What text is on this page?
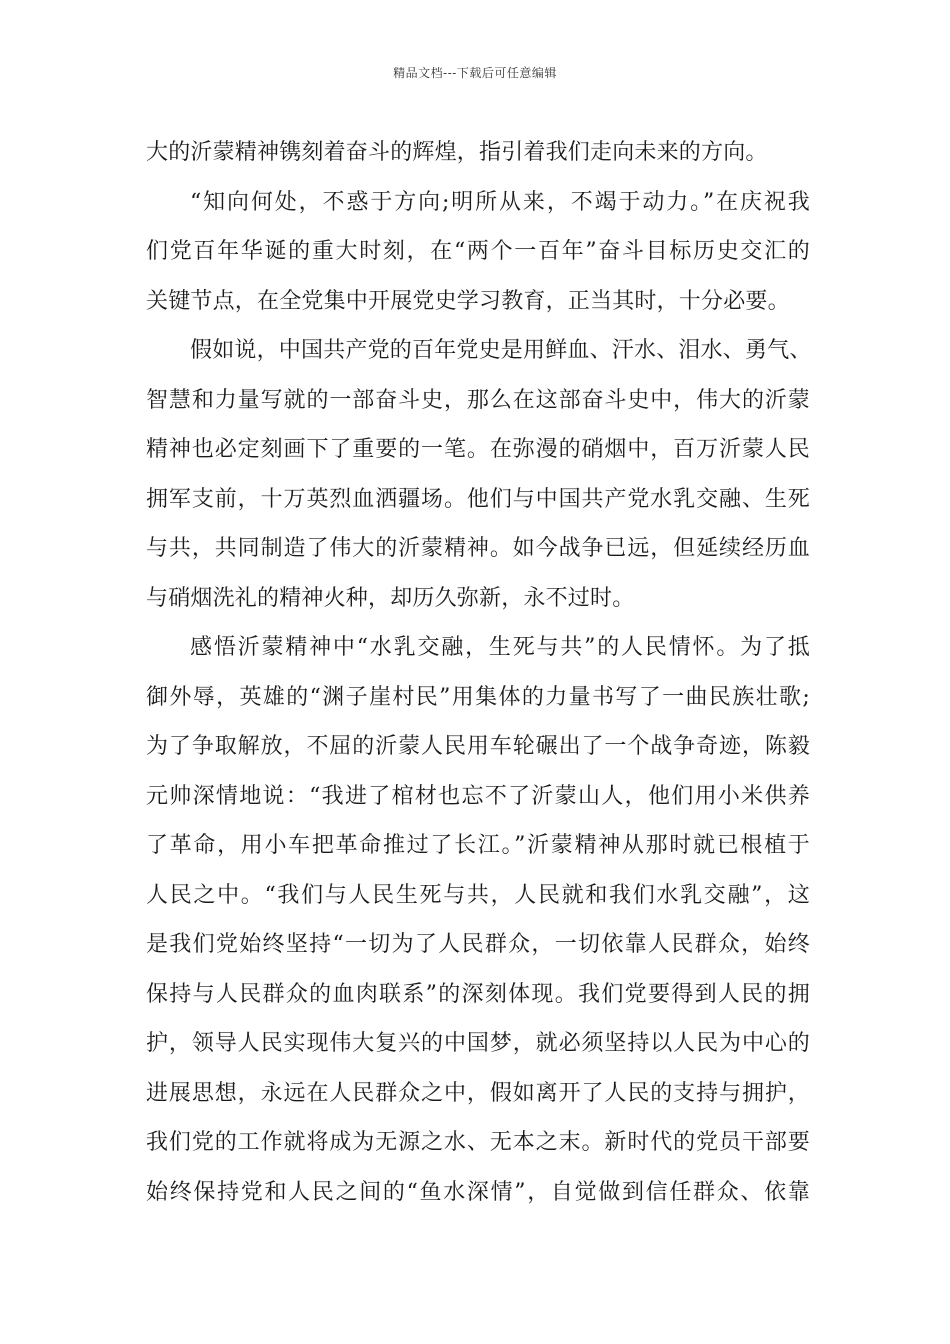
精品文档---下载后可任意编辑
大的沂蒙精神镌刻着奋斗的辉煌，指引着我们走向未来的方向。
“知向何处，不惑于方向;明所从来，不竭于动力。”在庆祝我
们党百年华诞的重大时刻，在“两个一百年”奋斗目标历史交汇的
关键节点，在全党集中开展党史学习教育，正当其时，十分必要。
假如说，中国共产党的百年党史是用鲜血、汗水、泪水、勇气、
智慧和力量写就的一部奋斗史，那么在这部奋斗史中，伟大的沂蒙
精神也必定刻画下了重要的一笔。在弥漫的硝烟中，百万沂蒙人民
拥军支前，十万英烈血洒疆场。他们与中国共产党水乳交融、生死
与共，共同制造了伟大的沂蒙精神。如今战争已远，但延续经历血
与硝烟洗礼的精神火种，却历久弥新，永不过时。
感悟沂蒙精神中“水乳交融，生死与共”的人民情怀。为了抵
御外辱，英雄的“渊子崖村民”用集体的力量书写了一曲民族壮歌;
为了争取解放，不屈的沂蒙人民用车轮碾出了一个战争奇迹，陈毅
元帅深情地说：“我进了棺材也忘不了沂蒙山人，他们用小米供养
了革命，用小车把革命推过了长江。”沂蒙精神从那时就已根植于
人民之中。“我们与人民生死与共，人民就和我们水乳交融”，这
是我们党始终坚持“一切为了人民群众，一切依靠人民群众，始终
保持与人民群众的血肉联系”的深刻体现。我们党要得到人民的拥
护，领导人民实现伟大复兴的中国梦，就必须坚持以人民为中心的
进展思想，永远在人民群众之中，假如离开了人民的支持与拥护，
我们党的工作就将成为无源之水、无本之末。新时代的党员干部要
始终保持党和人民之间的“鱼水深情”，自觉做到信任群众、依靠
